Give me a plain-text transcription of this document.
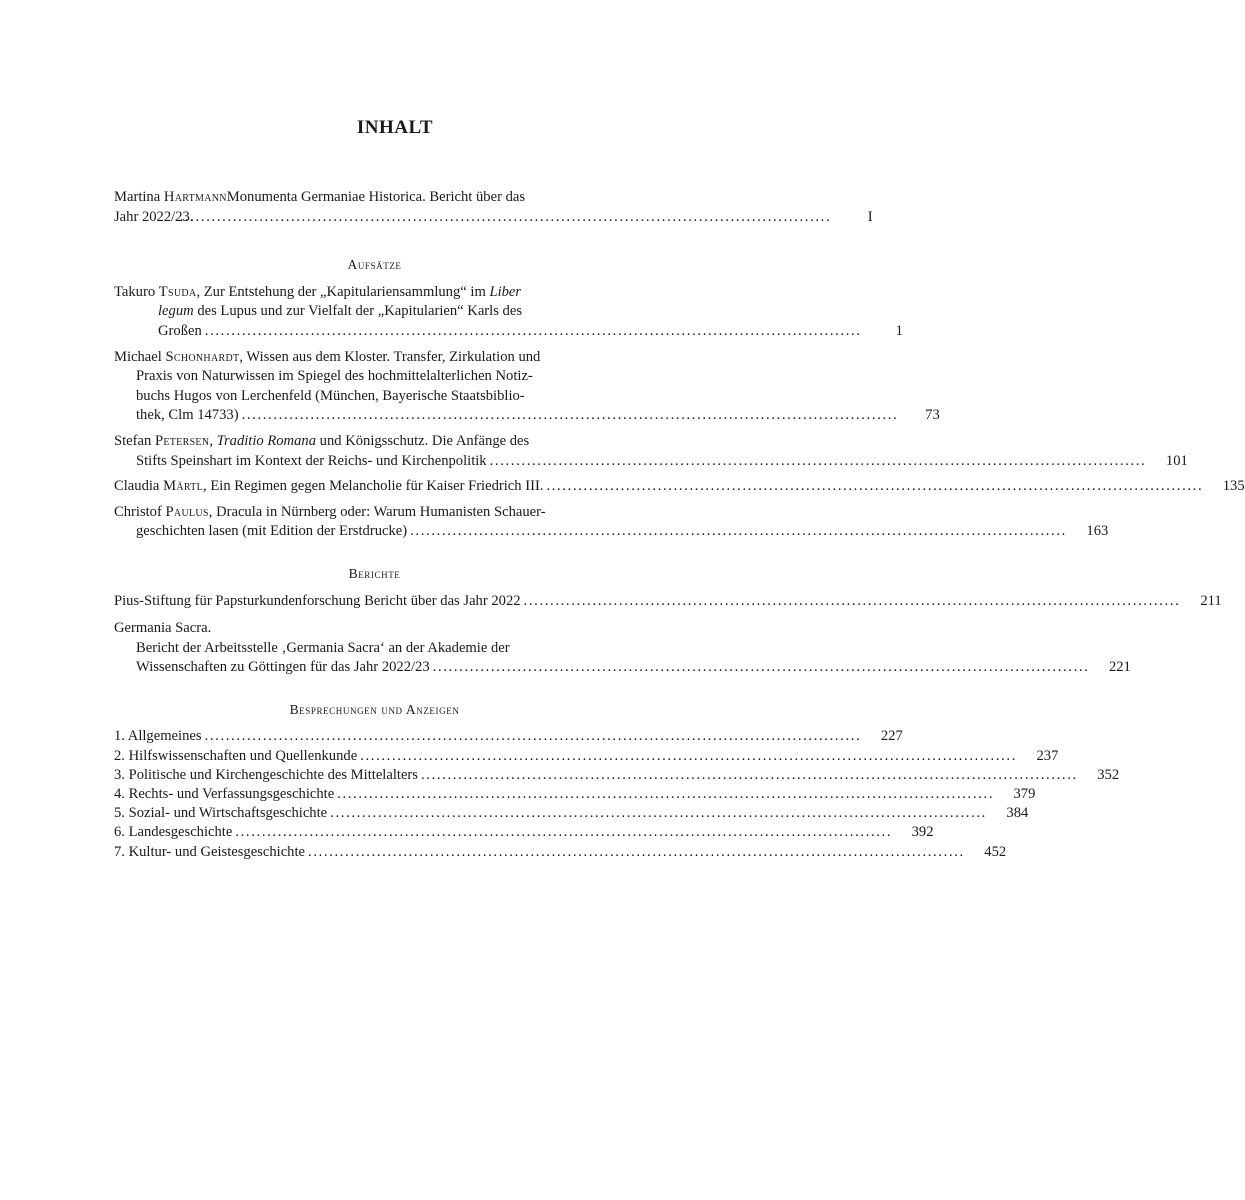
INHALT
Martina HartmannMonumenta Germaniae Historica. Bericht über das
Jahr 2022/23. . . .	I
Aufsätze
Takuro Tsuda, Zur Entstehung der „Kapitulariensammlung“ im Liber
legum des Lupus und zur Vielfalt der „Kapitularien“ Karls des
Großen . . .	1
Michael Schonhardt, Wissen aus dem Kloster. Transfer, Zirkulation und
Praxis von Naturwissen im Spiegel des hochmittelalterlichen Notiz-
buchs Hugos von Lerchenfeld (München, Bayerische Staatsbiblio-
thek, Clm 14733) . . .	73
Stefan Petersen, Traditio Romana und Königsschutz. Die Anfänge des
Stifts Speinshart im Kontext der Reichs- und Kirchenpolitik . . .	101
Claudia Märtl, Ein Regimen gegen Melancholie für Kaiser Friedrich III. . . .	135
Christof Paulus, Dracula in Nürnberg oder: Warum Humanisten Schauer-
geschichten lasen (mit Edition der Erstdrucke) . . .	163
Berichte
Pius-Stiftung für Papsturkundenforschung Bericht über das Jahr 2022 . . .	211
Germania Sacra.
Bericht der Arbeitsstelle ‚Germania Sacra‘ an der Akademie der
Wissenschaften zu Göttingen für das Jahr 2022/23 . . .	221
Besprechungen und Anzeigen
1. Allgemeines . . .	227
2. Hilfswissenschaften und Quellenkunde . . .	237
3. Politische und Kirchengeschichte des Mittelalters . . .	352
4. Rechts- und Verfassungsgeschichte . . .	379
5. Sozial- und Wirtschaftsgeschichte . . .	384
6. Landesgeschichte . . .	392
7. Kultur- und Geistesgeschichte . . .	452
